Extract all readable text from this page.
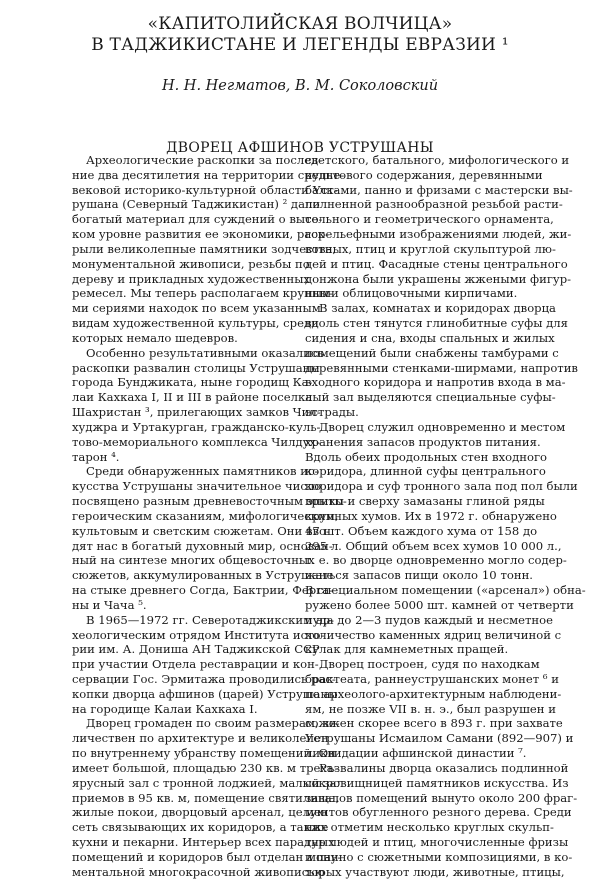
«КАПИТОЛИЙСКАЯ ВОЛЧИЦА»
В ТАДЖИКИСТАНЕ И ЛЕГЕНДЫ ЕВРАЗИИ ¹
Н. Н. Негматов, В. М. Соколовский
ДВОРЕЦ АФШИНОВ УСТРУШАНЫ
Археологические раскопки за послед-
ние два десятилетия на территории средне-
вековой историко-культурной области Уст-
рушана (Северный Таджикистан) ² дали
богатый материал для суждений о высо-
ком уровне развития ее экономики, раск-
рыли великолепные памятники зодчества,
монументальной живописи, резьбы по
дереву и прикладных художественных
ремесел. Мы теперь располагаем крупны-
ми сериями находок по всем указанным
видам художественной культуры, среди
которых немало шедевров.
Особенно результативными оказались
раскопки развалин столицы Уструшаны
города Бунджиката, ныне городищ Ка-
лаи Кахкаха I, II и III в районе поселка
Шахристан ³, прилегающих замков Чил-
худжра и Уртакурган, гражданско-куль-
тово-мемориального комплекса Чилдух-
тарон ⁴.
Среди обнаруженных памятников ис-
кусства Уструшаны значительное число
посвящено разным древневосточным эпико-
героическим сказаниям, мифологическим,
культовым и светским сюжетам. Они вво-
дят нас в богатый духовный мир, основан-
ный на синтезе многих общевосточных
сюжетов, аккумулированных в Уструшане
на стыке древнего Согда, Бактрии, Ферга-
ны и Чача ⁵.
В 1965—1972 гг. Северотаджикским ар-
хеологическим отрядом Института исто-
рии им. А. Дониша АН Таджикской ССР
при участии Отдела реставрации и кон-
сервации Гос. Эрмитажа проводились рас-
копки дворца афшинов (царей) Уструшаны
на городище Калаи Кахкаха I.
Дворец громаден по своим размерам, ве-
личествен по архитектуре и великолепен
по внутреннему убранству помещений. Он
имеет большой, площадью 230 кв. м трехъ-
ярусный зал с тронной лоджией, малый зал
приемов в 95 кв. м, помещение святилища,
жилые покои, дворцовый арсенал, целую
сеть связывающих их коридоров, а также
кухни и пекарни. Интерьер всех парадных
помещений и коридоров был отделан мону-
ментальной многокрасочной живописью
светского, батального, мифологического и
культового содержания, деревянными
балками, панно и фризами с мастерски вы-
полненной разнообразной резьбой расти-
тельного и геометрического орнамента,
горельефными изображениями людей, жи-
вотных, птиц и круглой скульптурой лю-
дей и птиц. Фасадные стены центрального
донжона были украшены жжеными фигур-
ными облицовочными кирпичами.
В залах, комнатах и коридорах дворца
вдоль стен тянутся глинобитные суфы для
сидения и сна, входы спальных и жилых
помещений были снабжены тамбурами с
деревянными стенками-ширмами, напротив
входного коридора и напротив входа в ма-
лый зал выделяются специальные суфы-
эстрады.
Дворец служил одновременно и местом
хранения запасов продуктов питания.
Вдоль обеих продольных стен входного
коридора, длинной суфы центрального
коридора и суф тронного зала под пол были
врыты и сверху замазаны глиной ряды
крупных хумов. Их в 1972 г. обнаружено
47 шт. Объем каждого хума от 158 до
295 л. Общий объем всех хумов 10 000 л.,
т. е. во дворце одновременно могло содер-
жаться запасов пищи около 10 тонн.
В специальном помещении («арсенал») обна-
ружено более 5000 шт. камней от четверти
пуда до 2—3 пудов каждый и несметное
количество каменных ядриц величиной с
кулак для камнеметных пращей.
Дворец построен, судя по находкам
брактеата, раннеуструшанских монет ⁶ и
по археолого-архитектурным наблюдени-
ям, не позже VII в. н. э., был разрушен и
сожжен скорее всего в 893 г. при захвате
Уструшаны Исмаилом Самани (892—907) и
ликвидации афшинской династии ⁷.
Развалины дворца оказались подлинной
сокровищницей памятников искусства. Из
завалов помещений вынуто около 200 фраг-
ментов обугленного резного дерева. Среди
них отметим несколько круглых скульп-
тур людей и птиц, многочисленные фризы
и панно с сюжетными композициями, в ко-
торых участвуют люди, животные, птицы,
